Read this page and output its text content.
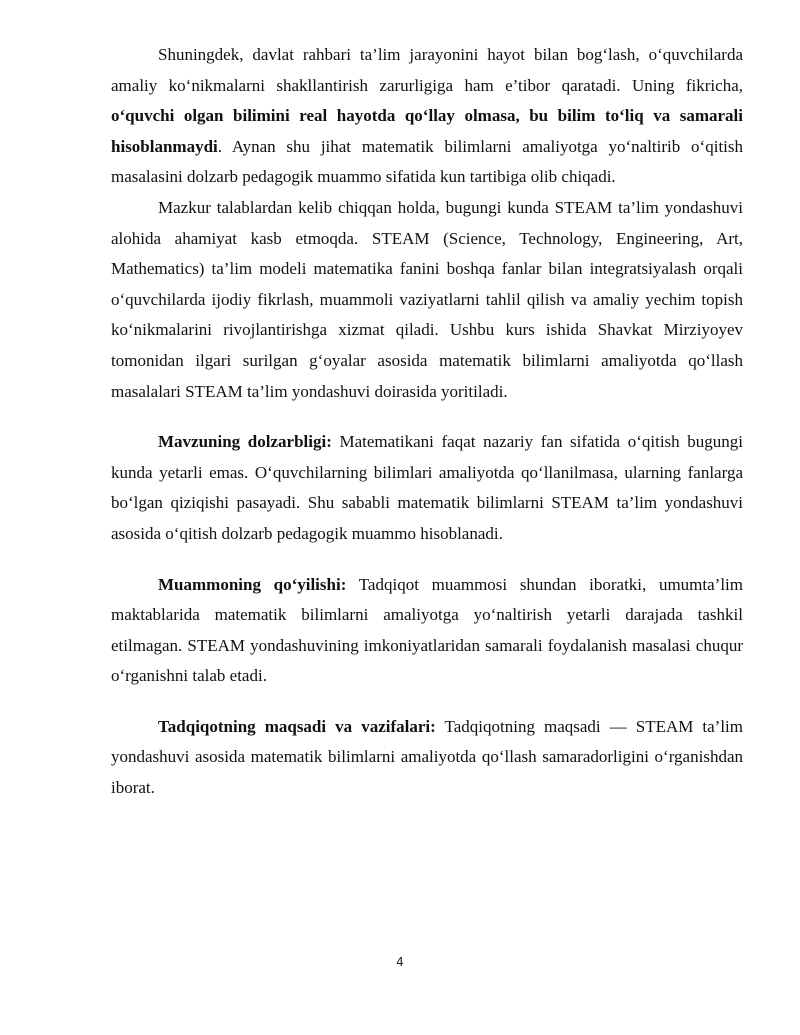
Shuningdek, davlat rahbari ta’lim jarayonini hayot bilan bog‘lash, o‘quvchilarda amaliy ko‘nikmalarni shakllantirish zarurligiga ham e’tibor qaratadi. Uning fikricha, o‘quvchi olgan bilimini real hayotda qo‘llay olmasa, bu bilim to‘liq va samarali hisoblanmaydi. Aynan shu jihat matematik bilimlarni amaliyotga yo‘naltirib o‘qitish masalasini dolzarb pedagogik muammo sifatida kun tartibiga olib chiqadi.

Mazkur talablardan kelib chiqqan holda, bugungi kunda STEAM ta’lim yondashuvi alohida ahamiyat kasb etmoqda. STEAM (Science, Technology, Engineering, Art, Mathematics) ta’lim modeli matematika fanini boshqa fanlar bilan integratsiyalash orqali o‘quvchilarda ijodiy fikrlash, muammoli vaziyatlarni tahlil qilish va amaliy yechim topish ko‘nikmalarini rivojlantirishga xizmat qiladi. Ushbu kurs ishida Shavkat Mirziyoyev tomonidan ilgari surilgan g‘oyalar asosida matematik bilimlarni amaliyotda qo‘llash masalalari STEAM ta’lim yondashuvi doirasida yoritiladi.

Mavzuning dolzarbligi: Matematikani faqat nazariy fan sifatida o‘qitish bugungi kunda yetarli emas. O‘quvchilarning bilimlari amaliyotda qo‘llanilmasa, ularning fanlarga bo‘lgan qiziqishi pasayadi. Shu sababli matematik bilimlarni STEAM ta’lim yondashuvi asosida o‘qitish dolzarb pedagogik muammo hisoblanadi.

Muammoning qo‘yilishi: Tadqiqot muammosi shundan iboratki, umumta’lim maktablarida matematik bilimlarni amaliyotga yo‘naltirish yetarli darajada tashkil etilmagan. STEAM yondashuvining imkoniyatlaridan samarali foydalanish masalasi chuqur o‘rganishni talab etadi.

Tadqiqotning maqsadi va vazifalari: Tadqiqotning maqsadi — STEAM ta’lim yondashuvi asosida matematik bilimlarni amaliyotda qo‘llash samaradorligini o‘rganishdan iborat.

4
